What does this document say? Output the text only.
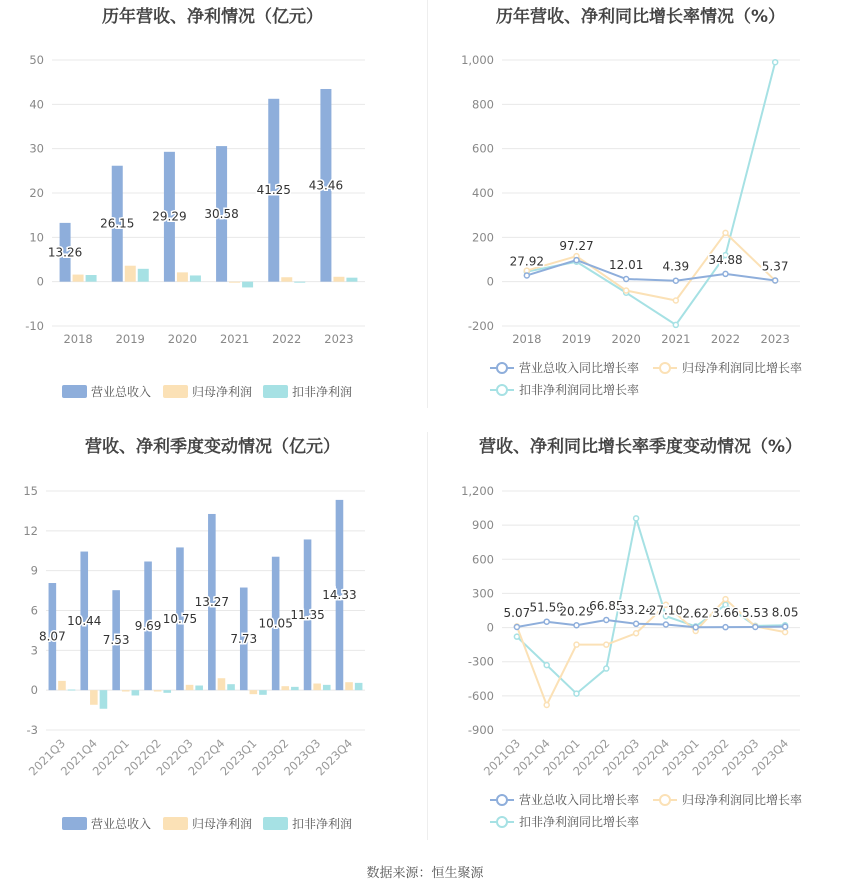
历年营收、净利情况（亿元）
-10
0
10
20
30
40
50
2018 2019 2020 2021 2022 2023
13.26
26.15 29.29 30.58
41.25 43.46
营业总收入	归母净利润	扣非净利润
历年营收、净利同比增长率情况（%）
-200
0
200
400
600
800
1,000
2018 2019 2020 2021 2022 2023
27.92
97.27
12.01 4.39 34.88 5.37
营业总收入同比增长率	归母净利润同比增长率
扣非净利润同比增长率
营收、净利季度变动情况（亿元）
-3
0
3
6
9
12
15
2021Q3
2021Q4
2022Q1
2022Q2
2022Q3
2022Q4
2023Q1
2023Q2
2023Q3
2023Q4
8.07
10.44
7.53
9.69
10.75
13.27
7.73
10.05
11.35
14.33
营业总收入	归母净利润	扣非净利润
营收、净利同比增长率季度变动情况（%）
-900
-600
-300
0
300
600
900
1,200
2021Q3
2021Q4
2022Q1
2022Q2
2022Q3
2022Q4
2023Q1
2023Q2
2023Q3
2023Q4
5.07 51.59
20.29
66.85
33.24
27.10 2.62 3.66 5.53 8.05
营业总收入同比增长率	归母净利润同比增长率
扣非净利润同比增长率
数据来源：恒生聚源
